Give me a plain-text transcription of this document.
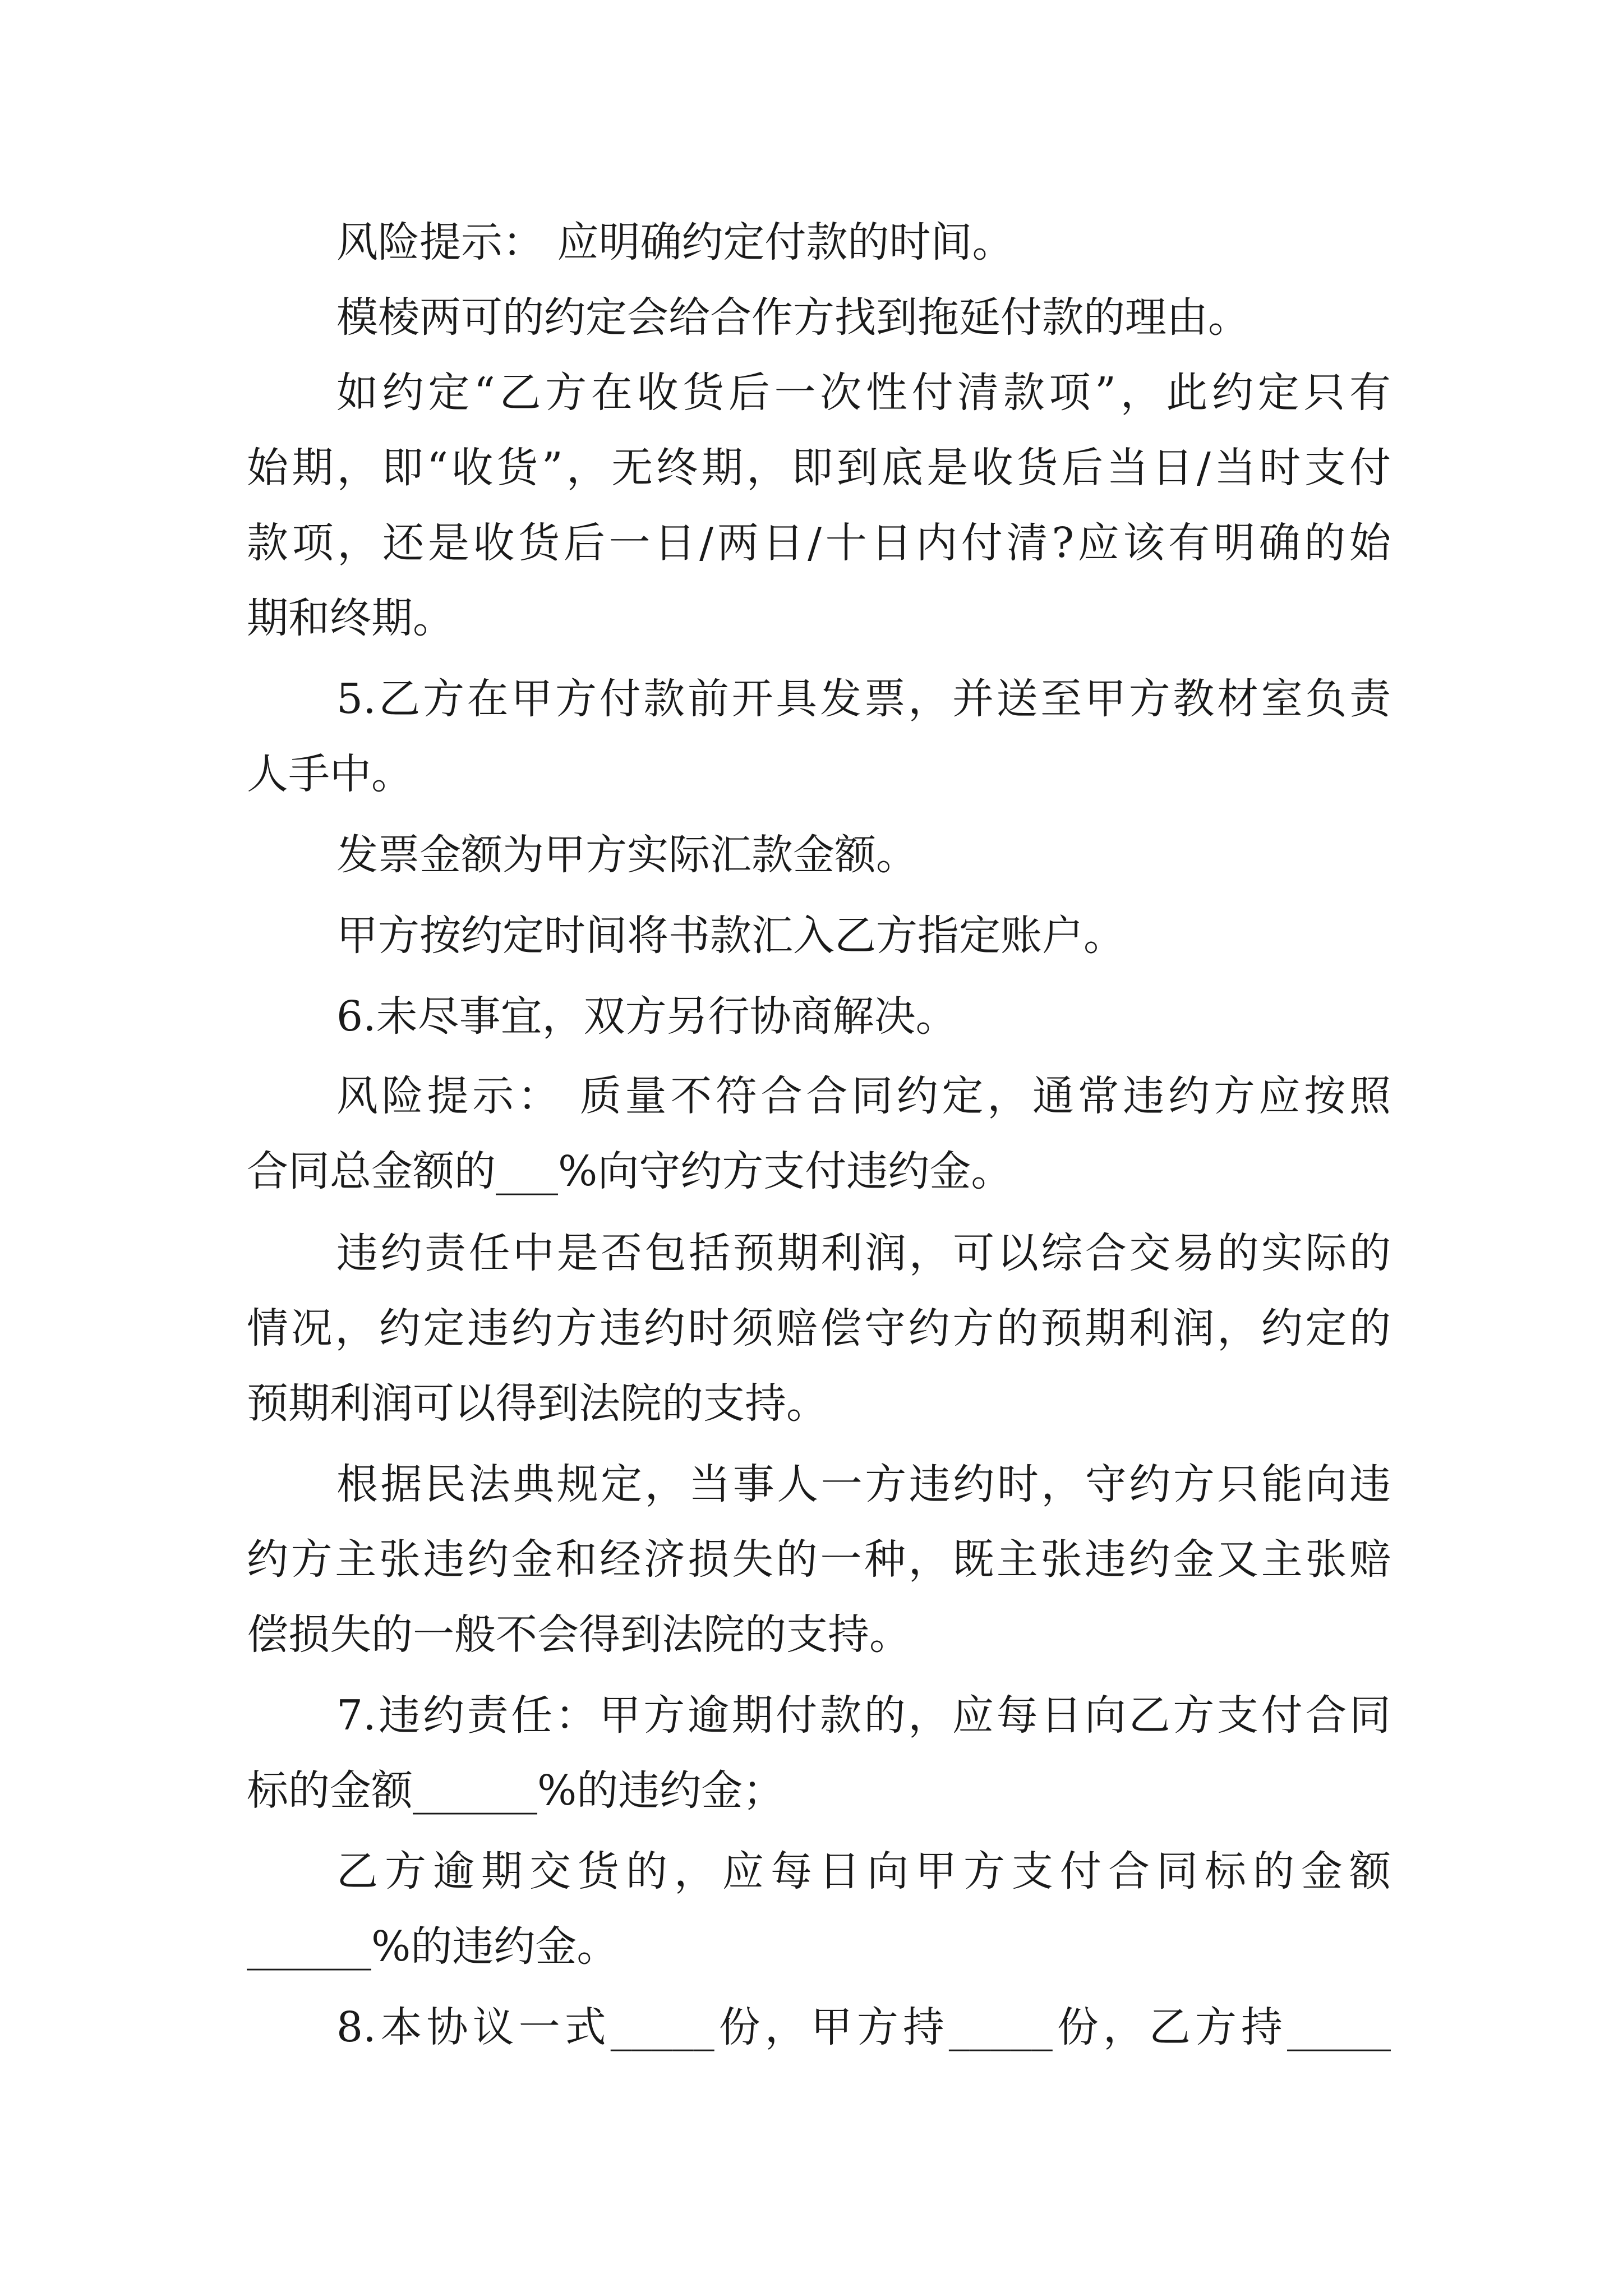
风险提示： 应明确约定付款的时间。
模棱两可的约定会给合作方找到拖延付款的理由。
如约定“乙方在收货后一次性付清款项”，此约定只有
始期，即“收货”，无终期，即到底是收货后当日/当时支付
款项，还是收货后一日/两日/十日内付清?应该有明确的始
期和终期。
5.乙方在甲方付款前开具发票，并送至甲方教材室负责
人手中。
发票金额为甲方实际汇款金额。
甲方按约定时间将书款汇入乙方指定账户。
6.未尽事宜，双方另行协商解决。
风险提示： 质量不符合合同约定，通常违约方应按照
合同总金额的___%向守约方支付违约金。
违约责任中是否包括预期利润，可以综合交易的实际的
情况，约定违约方违约时须赔偿守约方的预期利润，约定的
预期利润可以得到法院的支持。
根据民法典规定，当事人一方违约时，守约方只能向违
约方主张违约金和经济损失的一种，既主张违约金又主张赔
偿损失的一般不会得到法院的支持。
7.违约责任：甲方逾期付款的，应每日向乙方支付合同
标的金额______%的违约金；
乙方逾期交货的，应每日向甲方支付合同标的金额
______%的违约金。
8.本协议一式_____份，甲方持_____份，乙方持_____
